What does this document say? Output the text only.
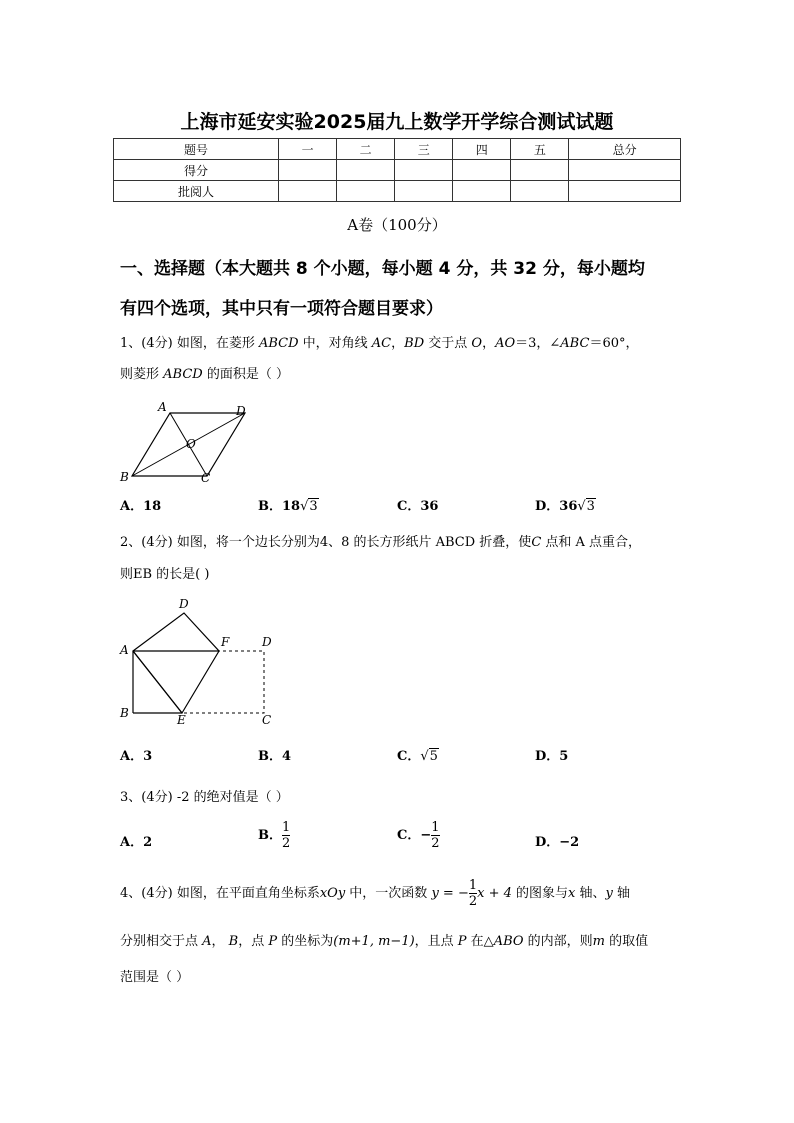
上海市延安实验2025届九上数学开学综合测试试题
题号	一	二	三	四	五	总分
得分						
批阅人						
A卷（100分）
一、选择题（本大题共 8 个小题，每小题 4 分，共 32 分，每小题均
有四个选项，其中只有一项符合题目要求）
1、(4分) 如图，在菱形 ABCD 中，对角线 AC，BD 交于点 O，AO＝3，∠ABC＝60°，
则菱形 ABCD 的面积是（ ）
A	D
O
B	C
A．18	B．18√3	C．36	D．36√3
2、(4分) 如图，将一个边长分别为4、8 的长方形纸片 ABCD 折叠，使C 点和 A 点重合，
则EB 的长是( )
D
A
F	D
B	E	C
A．3	B．4	C．√5	D．5
3、(4分) -2 的绝对值是（ ）
A．2	B． $\frac{1}{2}$	C．− $\frac{1}{2}$	D．−2
4、(4分) 如图，在平面直角坐标系xOy 中，一次函数 y = − $\frac{1}{2}$ x + 4 的图象与x 轴、y 轴
分别相交于点 A， B，点 P 的坐标为(m+1, m−1)，且点 P 在△ABO 的内部，则m 的取值
范围是（ ）
